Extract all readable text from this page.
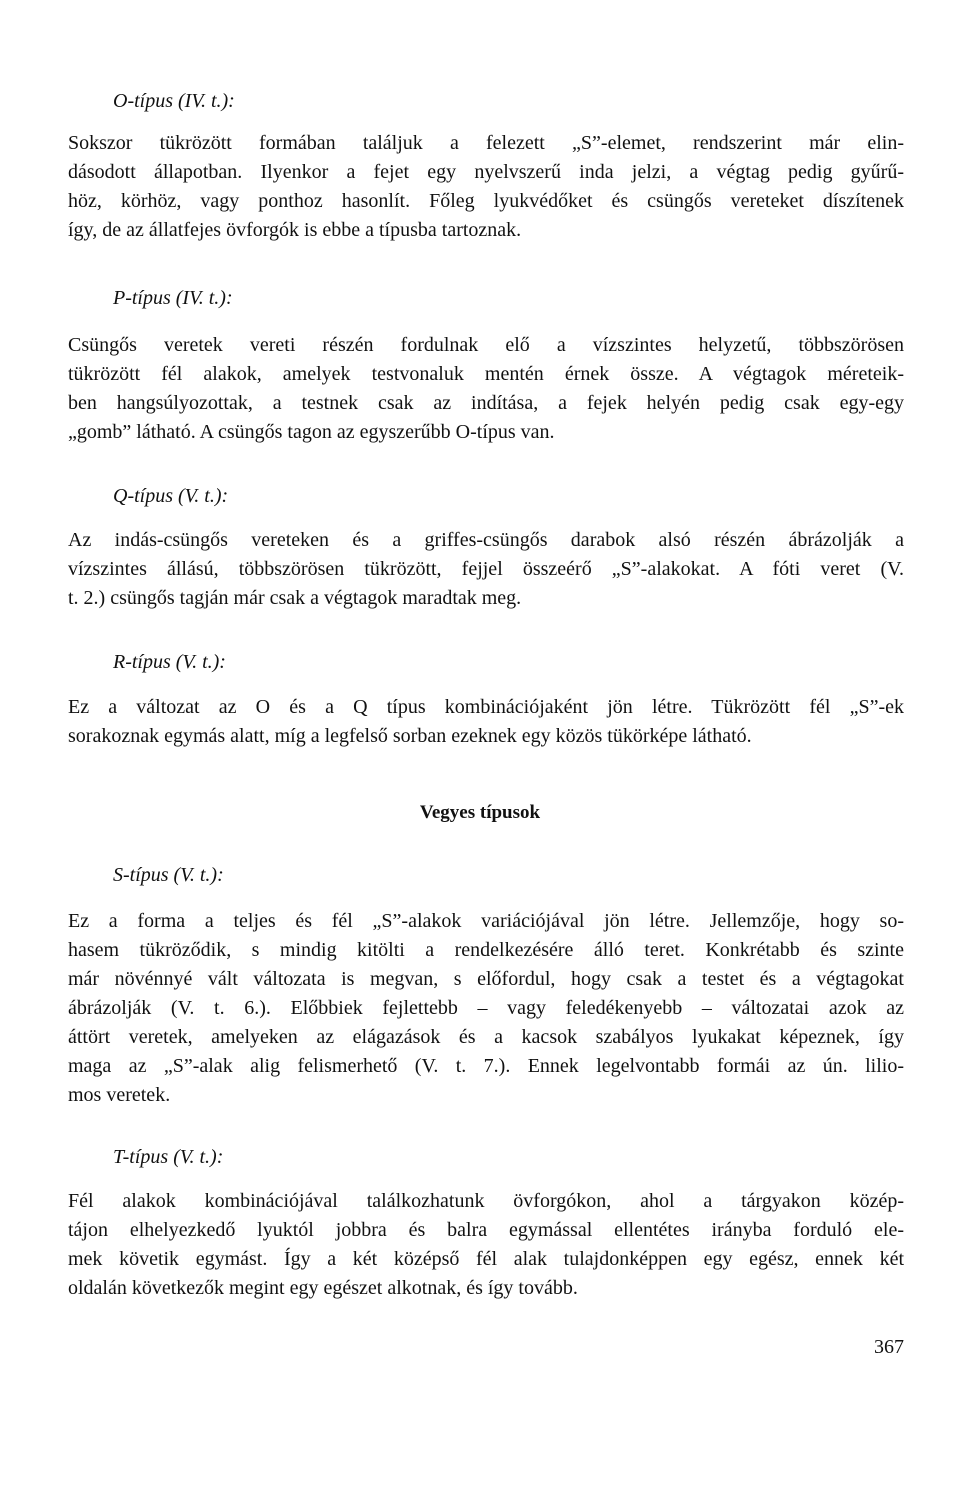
O-típus (IV. t.):
Sokszor tükrözött formában találjuk a felezett „S”-elemet, rendszerint már elin-
dásodott állapotban. Ilyenkor a fejet egy nyelvszerű inda jelzi, a végtag pedig gyűrű-
höz, körhöz, vagy ponthoz hasonlít. Főleg lyukvédőket és csüngős vereteket díszítenek
így, de az állatfejes övforgók is ebbe a típusba tartoznak.
P-típus (IV. t.):
Csüngős veretek vereti részén fordulnak elő a vízszintes helyzetű, többszörösen
tükrözött fél alakok, amelyek testvonaluk mentén érnek össze. A végtagok méreteik-
ben hangsúlyozottak, a testnek csak az indítása, a fejek helyén pedig csak egy-egy
„gomb” látható. A csüngős tagon az egyszerűbb O-típus van.
Q-típus (V. t.):
Az indás-csüngős vereteken és a griffes-csüngős darabok alsó részén ábrázolják a
vízszintes állású, többszörösen tükrözött, fejjel összeérő „S”-alakokat. A fóti veret (V.
t. 2.) csüngős tagján már csak a végtagok maradtak meg.
R-típus (V. t.):
Ez a változat az O és a Q típus kombinációjaként jön létre. Tükrözött fél „S”-ek
sorakoznak egymás alatt, míg a legfelső sorban ezeknek egy közös tükörképe látható.
Vegyes típusok
S-típus (V. t.):
Ez a forma a teljes és fél „S”-alakok variációjával jön létre. Jellemzője, hogy so-
hasem tükröződik, s mindig kitölti a rendelkezésére álló teret. Konkrétabb és szinte
már növénnyé vált változata is megvan, s előfordul, hogy csak a testet és a végtagokat
ábrázolják (V. t. 6.). Előbbiek fejlettebb – vagy feledékenyebb – változatai azok az
áttört veretek, amelyeken az elágazások és a kacsok szabályos lyukakat képeznek, így
maga az „S”-alak alig felismerhető (V. t. 7.). Ennek legelvontabb formái az ún. lilio-
mos veretek.
T-típus (V. t.):
Fél alakok kombinációjával találkozhatunk övforgókon, ahol a tárgyakon közép-
tájon elhelyezkedő lyuktól jobbra és balra egymással ellentétes irányba forduló ele-
mek követik egymást. Így a két középső fél alak tulajdonképpen egy egész, ennek két
oldalán következők megint egy egészet alkotnak, és így tovább.
367
